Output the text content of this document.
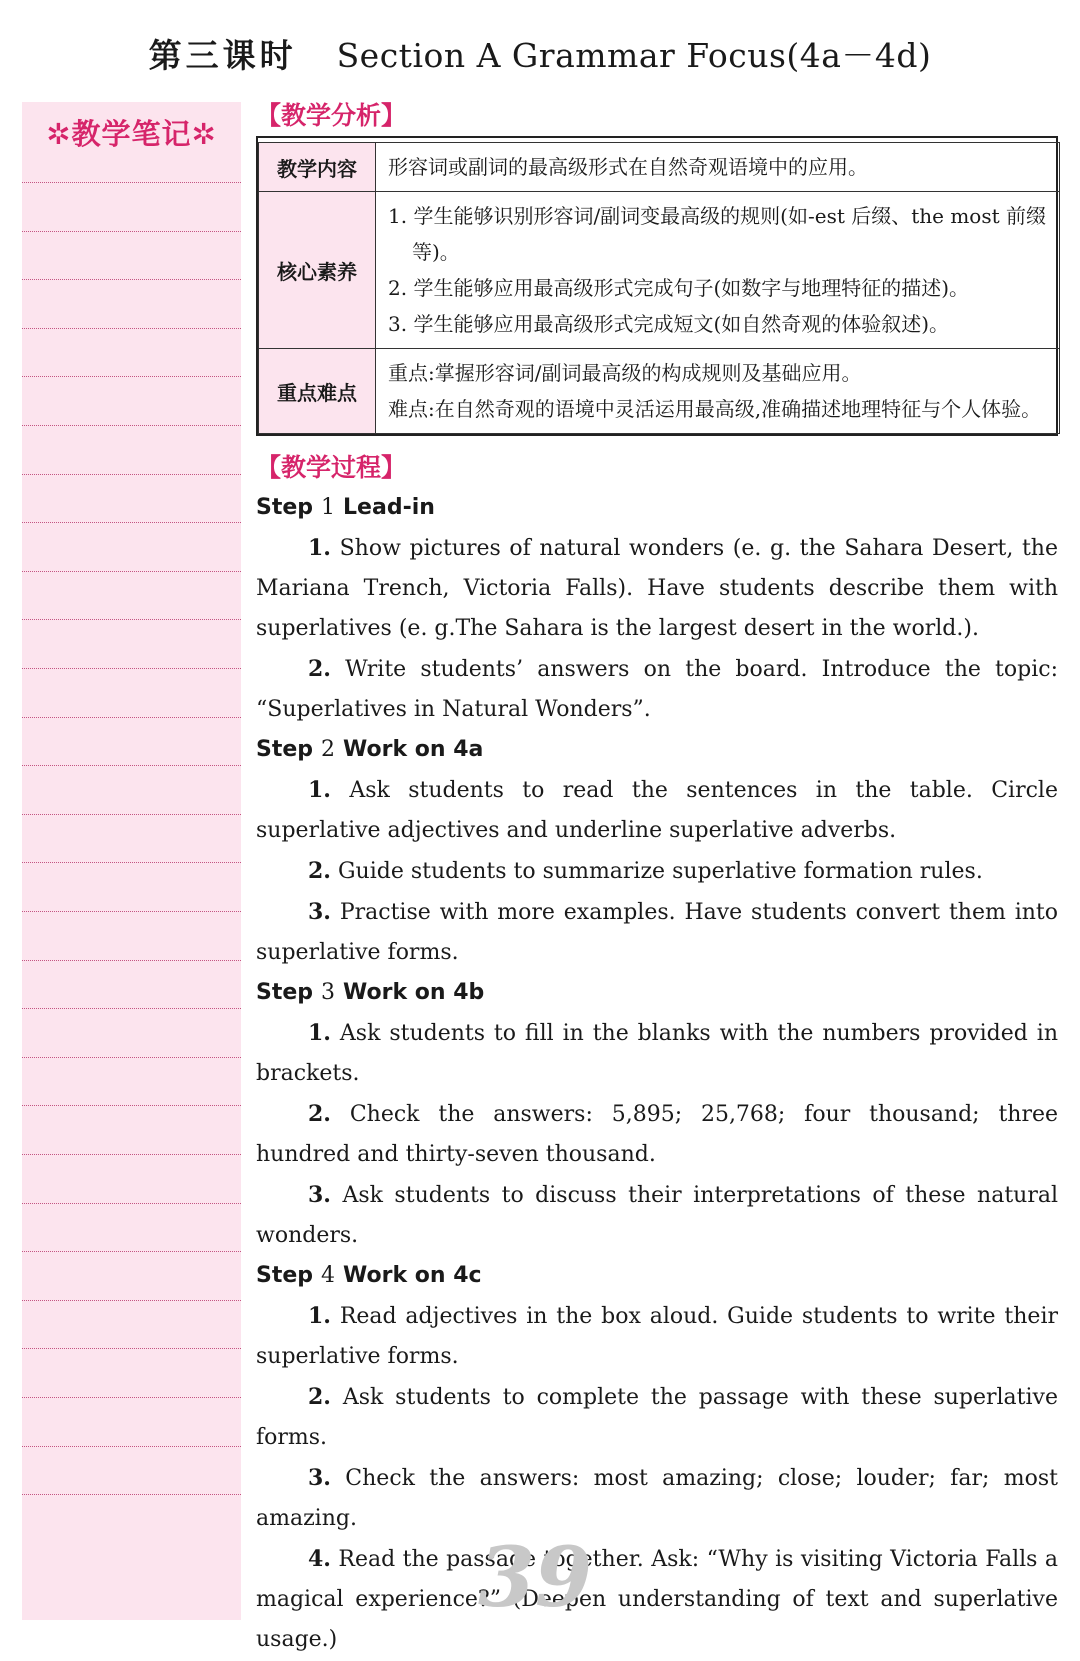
第三课时 Section A Grammar Focus(4a－4d)
✲教学笔记✲
【教学分析】
教学内容	形容词或副词的最高级形式在自然奇观语境中的应用。

核心素养	1. 学生能够识别形容词/副词变最高级的规则(如-est 后缀、the most 前缀等)。
2. 学生能够应用最高级形式完成句子(如数字与地理特征的描述)。
3. 学生能够应用最高级形式完成短文(如自然奇观的体验叙述)。

重点难点	重点:掌握形容词/副词最高级的构成规则及基础应用。
难点:在自然奇观的语境中灵活运用最高级,准确描述地理特征与个人体验。
【教学过程】
Step 1 Lead-in

1. Show pictures of natural wonders (e. g. the Sahara Desert, the Mariana Trench, Victoria Falls). Have students describe them with superlatives (e. g.The Sahara is the largest desert in the world.).

2. Write students’ answers on the board. Introduce the topic: “Superlatives in Natural Wonders”.

Step 2 Work on 4a

1. Ask students to read the sentences in the table. Circle superlative adjectives and underline superlative adverbs.

2. Guide students to summarize superlative formation rules.

3. Practise with more examples. Have students convert them into superlative forms.

Step 3 Work on 4b

1. Ask students to fill in the blanks with the numbers provided in brackets.

2. Check the answers: 5,895; 25,768; four thousand; three hundred and thirty-seven thousand.

3. Ask students to discuss their interpretations of these natural wonders.

Step 4 Work on 4c

1. Read adjectives in the box aloud. Guide students to write their superlative forms.

2. Ask students to complete the passage with these superlative forms.

3. Check the answers: most amazing; close; louder; far; most amazing.

4. Read the passage together. Ask: “Why is visiting Victoria Falls a magical experience?” (Deepen understanding of text and superlative usage.)

39
